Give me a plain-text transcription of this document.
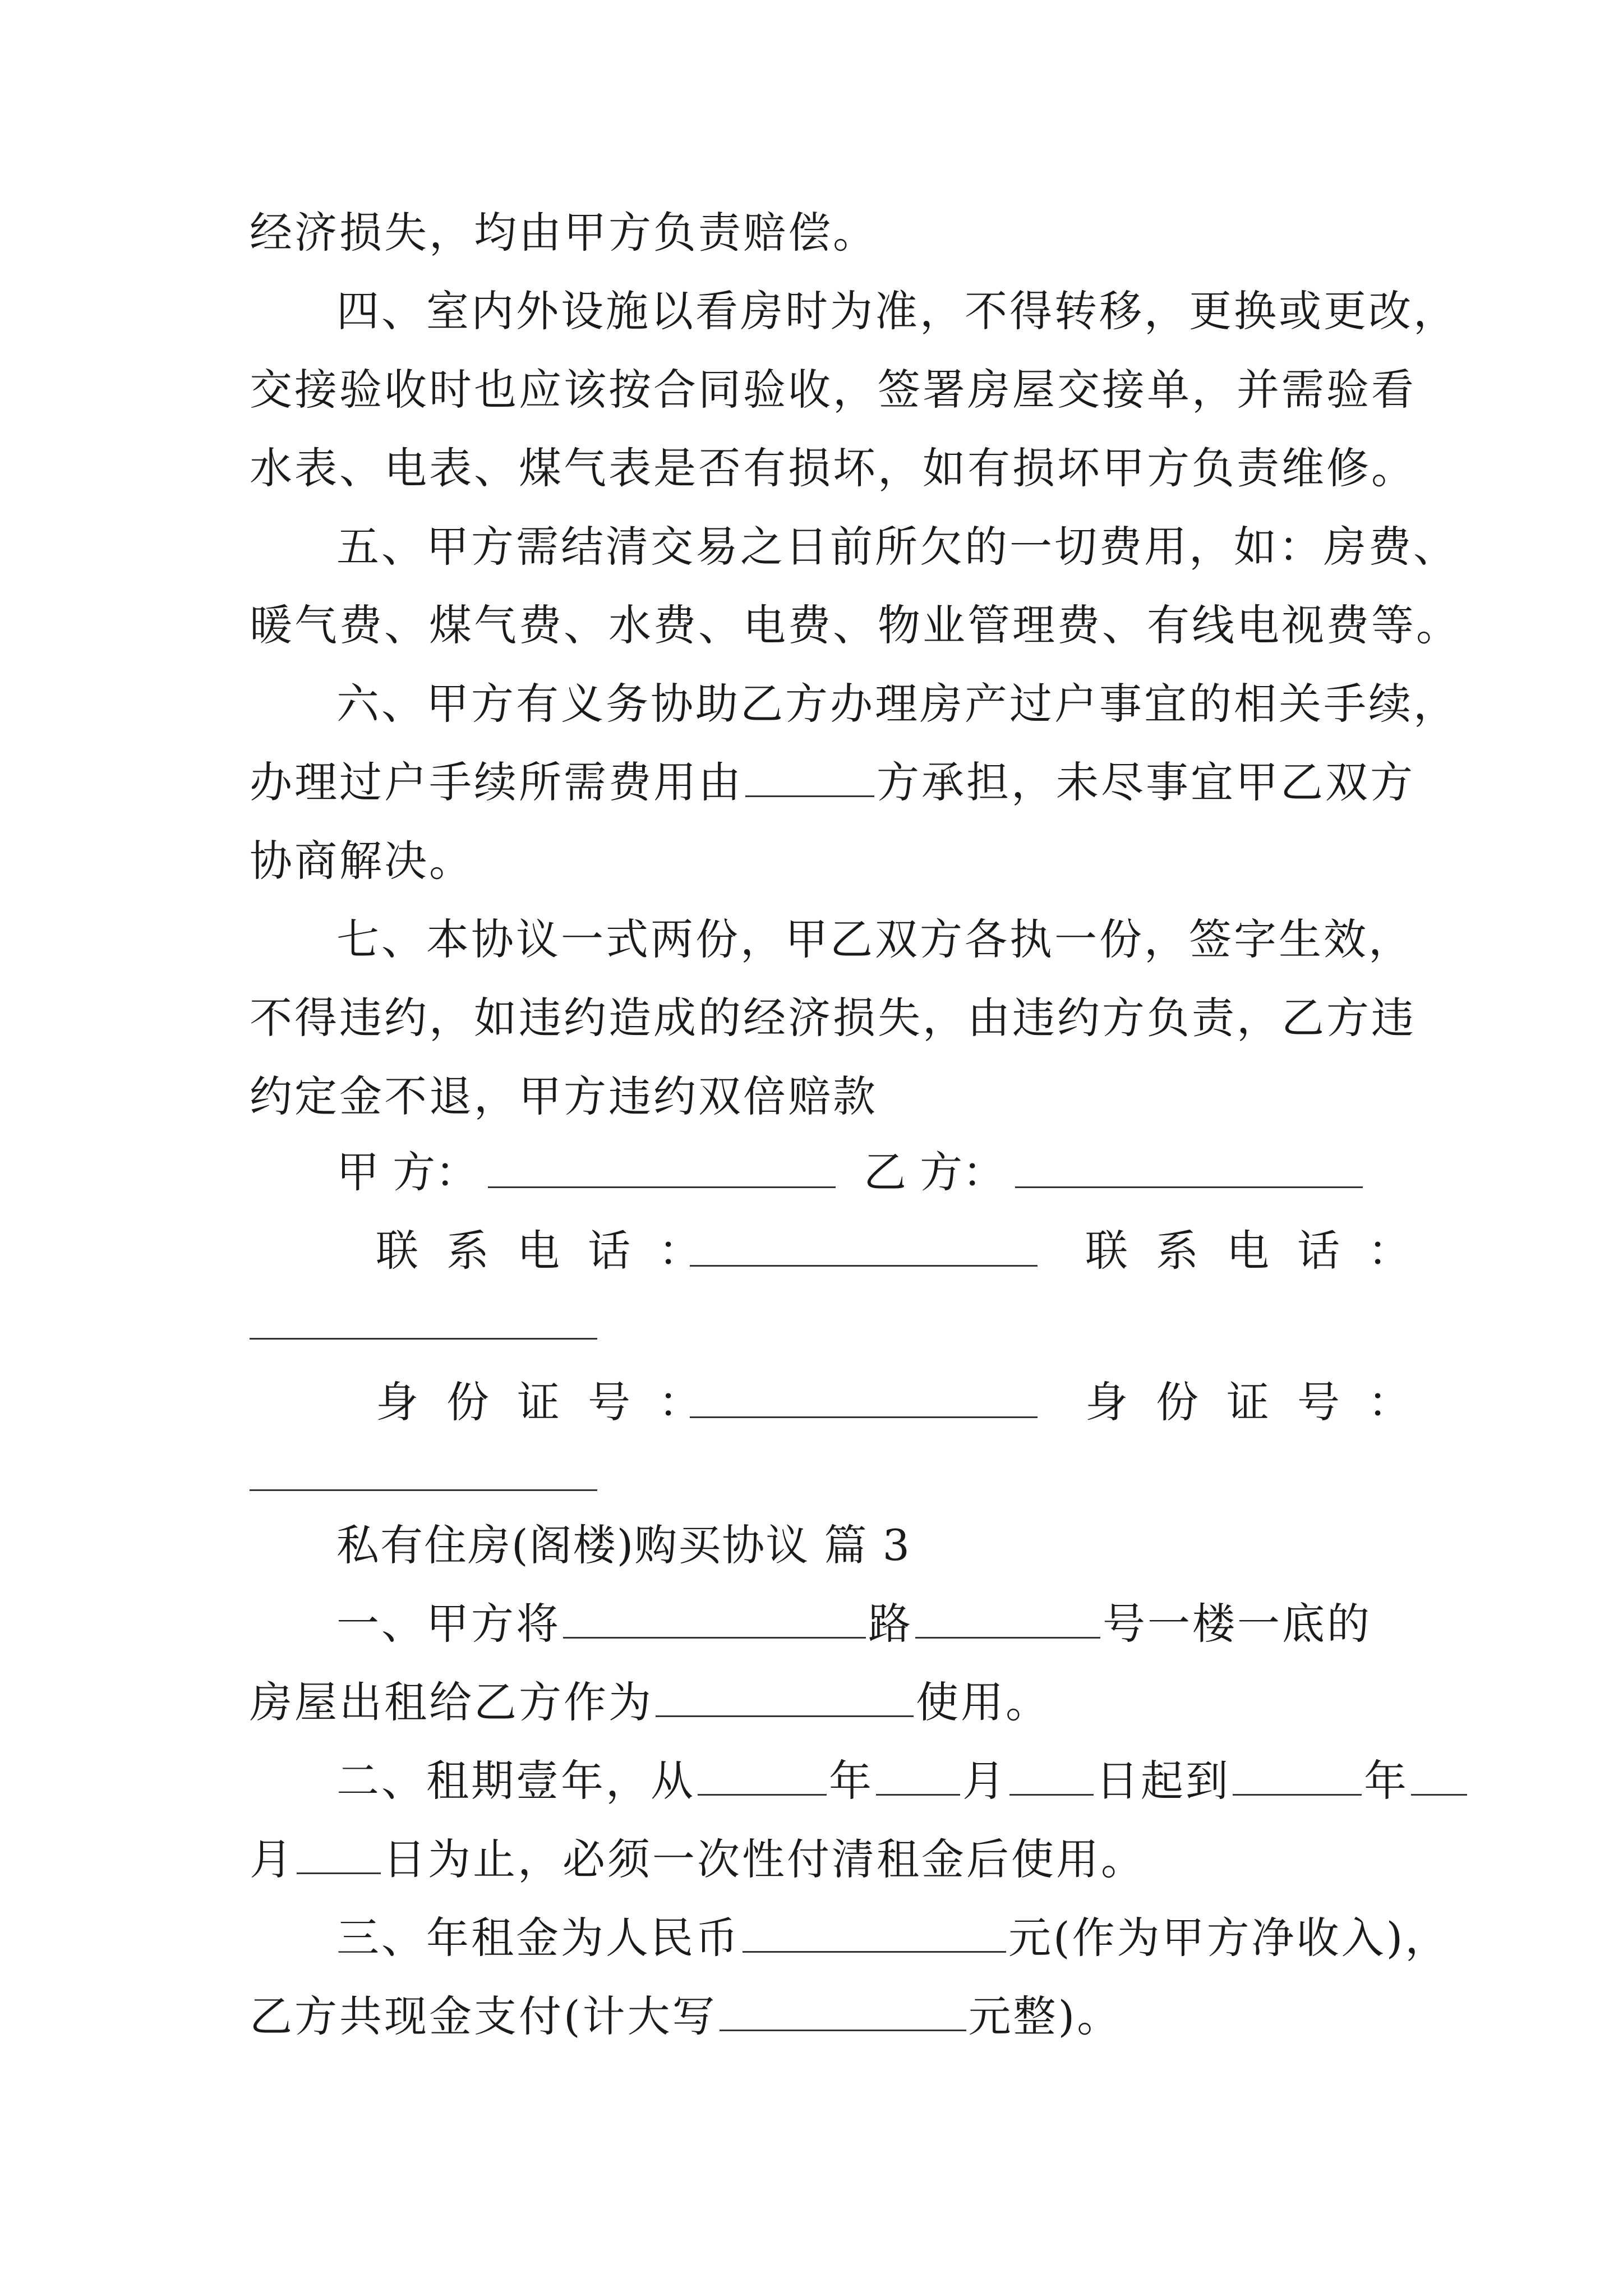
经济损失，均由甲方负责赔偿。
四、室内外设施以看房时为准，不得转移，更换或更改，
交接验收时也应该按合同验收，签署房屋交接单，并需验看
水表、电表、煤气表是否有损坏，如有损坏甲方负责维修。
五、甲方需结清交易之日前所欠的一切费用，如：房费、
暖气费、煤气费、水费、电费、物业管理费、有线电视费等。
六、甲方有义务协助乙方办理房产过户事宜的相关手续，
办理过户手续所需费用由	方承担，未尽事宜甲乙双方
协商解决。
七、本协议一式两份，甲乙双方各执一份，签字生效，
不得违约，如违约造成的经济损失，由违约方负责，乙方违
约定金不退，甲方违约双倍赔款
甲 方：	乙 方：
联系电话：	联系电话：
身份证号：	身份证号：
私有住房(阁楼)购买协议 篇 3
一、甲方将	路	号一楼一底的
房屋出租给乙方作为	使用。
二、租期壹年，从	年 月 日起到	年
月 日为止，必须一次性付清租金后使用。
三、年租金为人民币	元(作为甲方净收入)，
乙方共现金支付(计大写	元整)。
